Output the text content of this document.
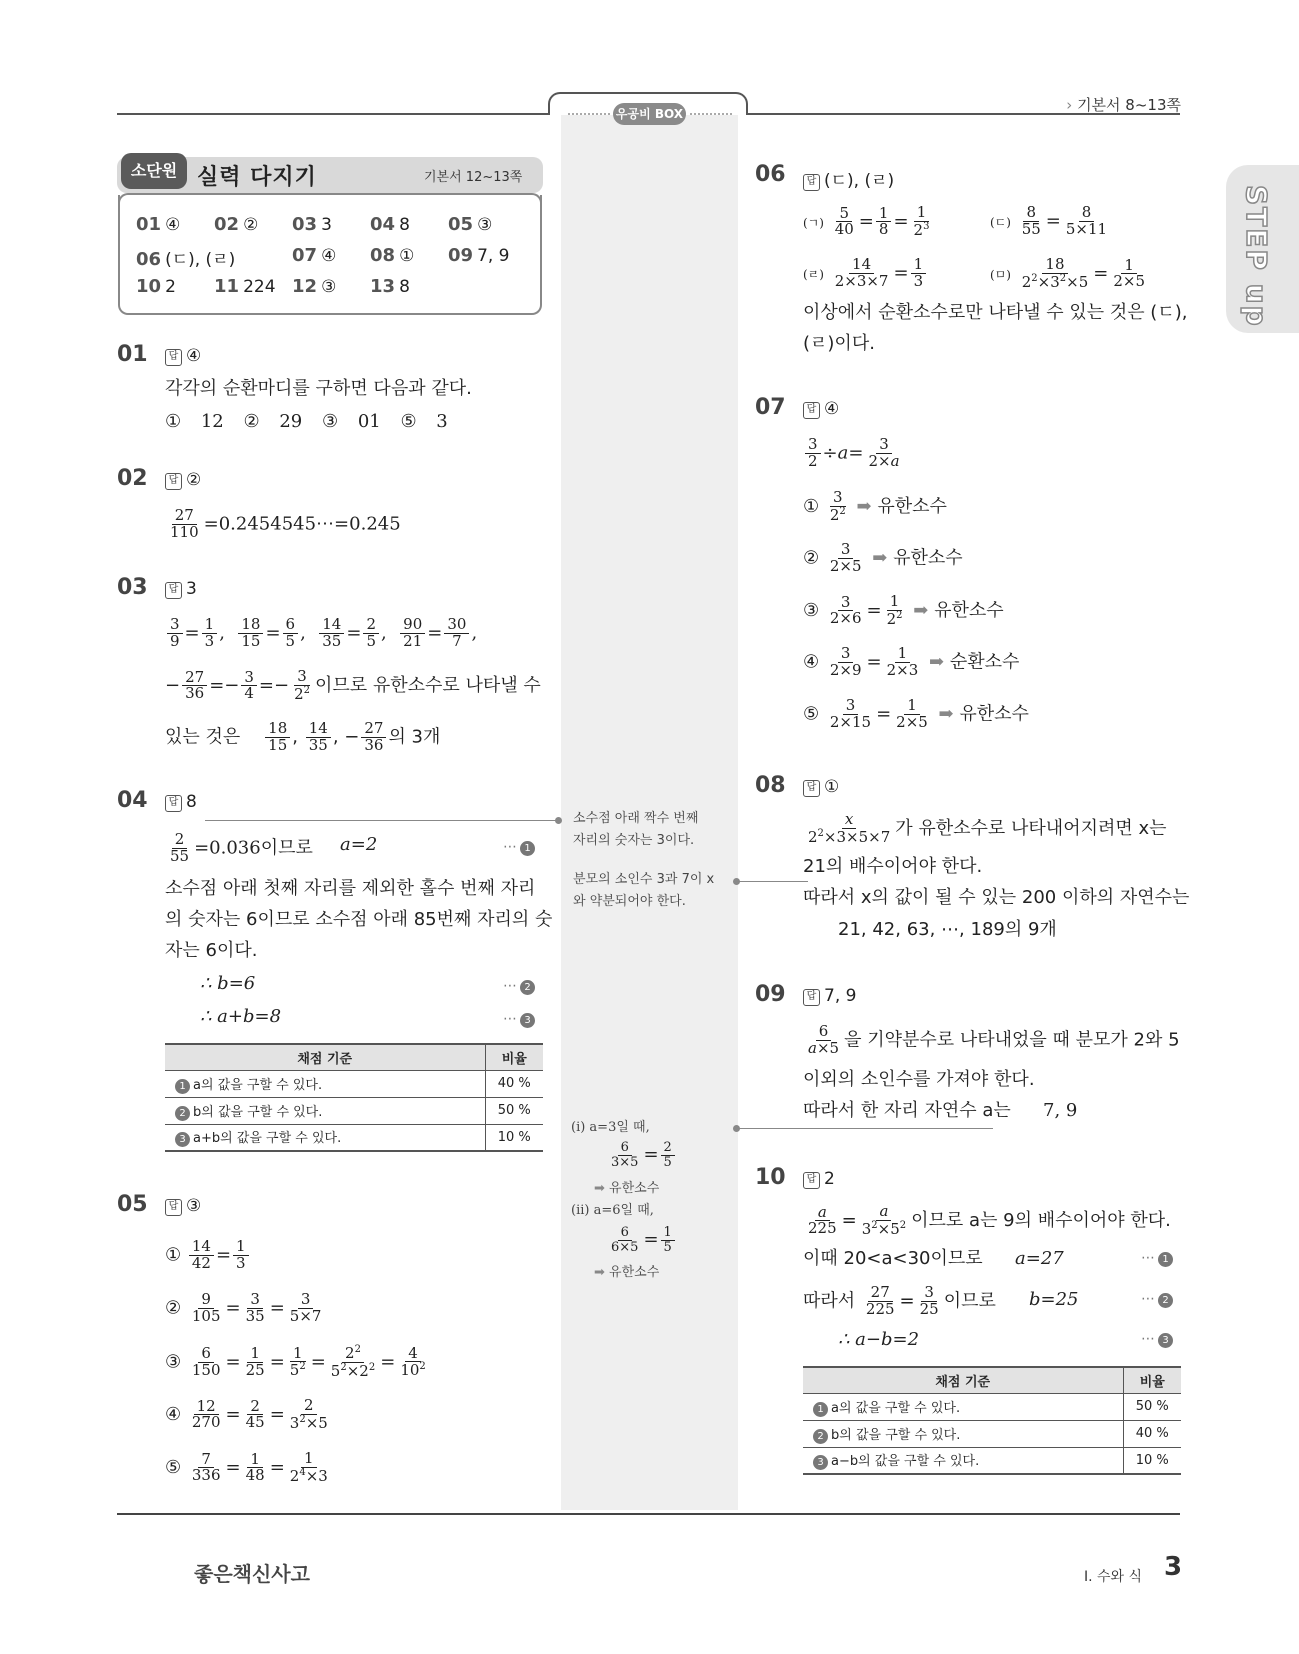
우공비 BOX	› 기본서 8~13쪽
STEP up
소단원 실력 다지기	기본서 12~13쪽
01 ④ 02 ② 03 3 04 8 05 ③
06 (ㄷ), (ㄹ)	07 ④ 08 ① 09 7, 9
10 2 11 224 12 ③ 13 8
01	답 ④
각각의 순환마디를 구하면 다음과 같다.
① 12 ② 29 ③ 01 ⑤ 3
02	답 ②
$\frac{27}{110}$ =0.2454545⋯=0.245
03	답 3
$\frac{3}{9} = \frac{1}{3}$ , $\frac{18}{15} = \frac{6}{5}$ , $\frac{14}{35} = \frac{2}{5}$ , $\frac{90}{21} = \frac{30}{7}$ ,
− $\frac{27}{36} =- \frac{3}{4} =- \frac{3}{2^2}$ 이므로 유한소수로 나타낼 수
있는 것은 $\frac{18}{15}$ , $\frac{14}{35}$ , − $\frac{27}{36}$ 의 3개
04	답 8
$\frac{2}{55} =0.036$이므로 a=2	⋯ 1
소수점 아래 첫째 자리를 제외한 홀수 번째 자리
의 숫자는 6이므로 소수점 아래 85번째 자리의 숫
자는 6이다.
∴ b=6	⋯ 2
∴ a+b=8	⋯ 3
채점 기준	비율
1 a의 값을 구할 수 있다.	40 %
2 b의 값을 구할 수 있다.	50 %
3 a+b의 값을 구할 수 있다.	10 %
05	답 ③
① $\frac{14}{42} = \frac{1}{3}$
② $\frac{9}{105} = \frac{3}{35} = \frac{3}{5\times 7}$
③ $\frac{6}{150} = \frac{1}{25} = \frac{1}{5^2} = \frac{2^2}{5^2\times 2^2} = \frac{4}{10^2}$
④ $\frac{12}{270} = \frac{2}{45} = \frac{2}{3^2\times 5}$
⑤ $\frac{7}{336} = \frac{1}{48} = \frac{1}{2^4\times 3}$
소수점 아래 짝수 번째
자리의 숫자는 3이다.
분모의 소인수 3과 7이 x
와 약분되어야 한다.
(i) a=3일 때,
$\frac{6}{3\times 5} = \frac{2}{5}$
➡ 유한소수
(ii) a=6일 때,
$\frac{6}{6\times 5} = \frac{1}{5}$
➡ 유한소수
06	답 (ㄷ), (ㄹ)
(ㄱ) $\frac{5}{40} = \frac{1}{8} = \frac{1}{2^3}$	(ㄷ) $\frac{8}{55} = \frac{8}{5\times 11}$
(ㄹ) $\frac{14}{2\times 3\times 7} = \frac{1}{3}$	(ㅁ) $\frac{18}{2^2\times 3^2\times 5} = \frac{1}{2\times 5}$
이상에서 순환소수로만 나타낼 수 있는 것은 (ㄷ),
(ㄹ)이다.
07	답 ④
$\frac{3}{2} \div a= \frac{3}{2\times a}$
① $\frac{3}{2^2}$ ➡ 유한소수
② $\frac{3}{2\times 5}$ ➡ 유한소수
③ $\frac{3}{2\times 6} = \frac{1}{2^2}$ ➡ 유한소수
④ $\frac{3}{2\times 9} = \frac{1}{2\times 3}$ ➡ 순환소수
⑤ $\frac{3}{2\times 15} = \frac{1}{2\times 5}$ ➡ 유한소수
08	답 ①
$\frac{x}{2^2\times 3\times 5\times 7}$ 가 유한소수로 나타내어지려면 x는
21의 배수이어야 한다.
따라서 x의 값이 될 수 있는 200 이하의 자연수는
21, 42, 63, ⋯, 189의 9개
09	답 7, 9
$\frac{6}{a\times 5}$ 을 기약분수로 나타내었을 때 분모가 2와 5
이외의 소인수를 가져야 한다.
따라서 한 자리 자연수 a는 7, 9
10	답 2
$\frac{a}{225} = \frac{a}{3^2\times 5^2}$ 이므로 a는 9의 배수이어야 한다.
이때 20<a<30이므로 a=27	⋯ 1
따라서 $\frac{27}{225} = \frac{3}{25}$ 이므로 b=25	⋯ 2
∴ a−b=2	⋯ 3
채점 기준	비율
1 a의 값을 구할 수 있다.	50 %
2 b의 값을 구할 수 있다.	40 %
3 a−b의 값을 구할 수 있다.	10 %
좋은책신사고	I. 수와 식 3
